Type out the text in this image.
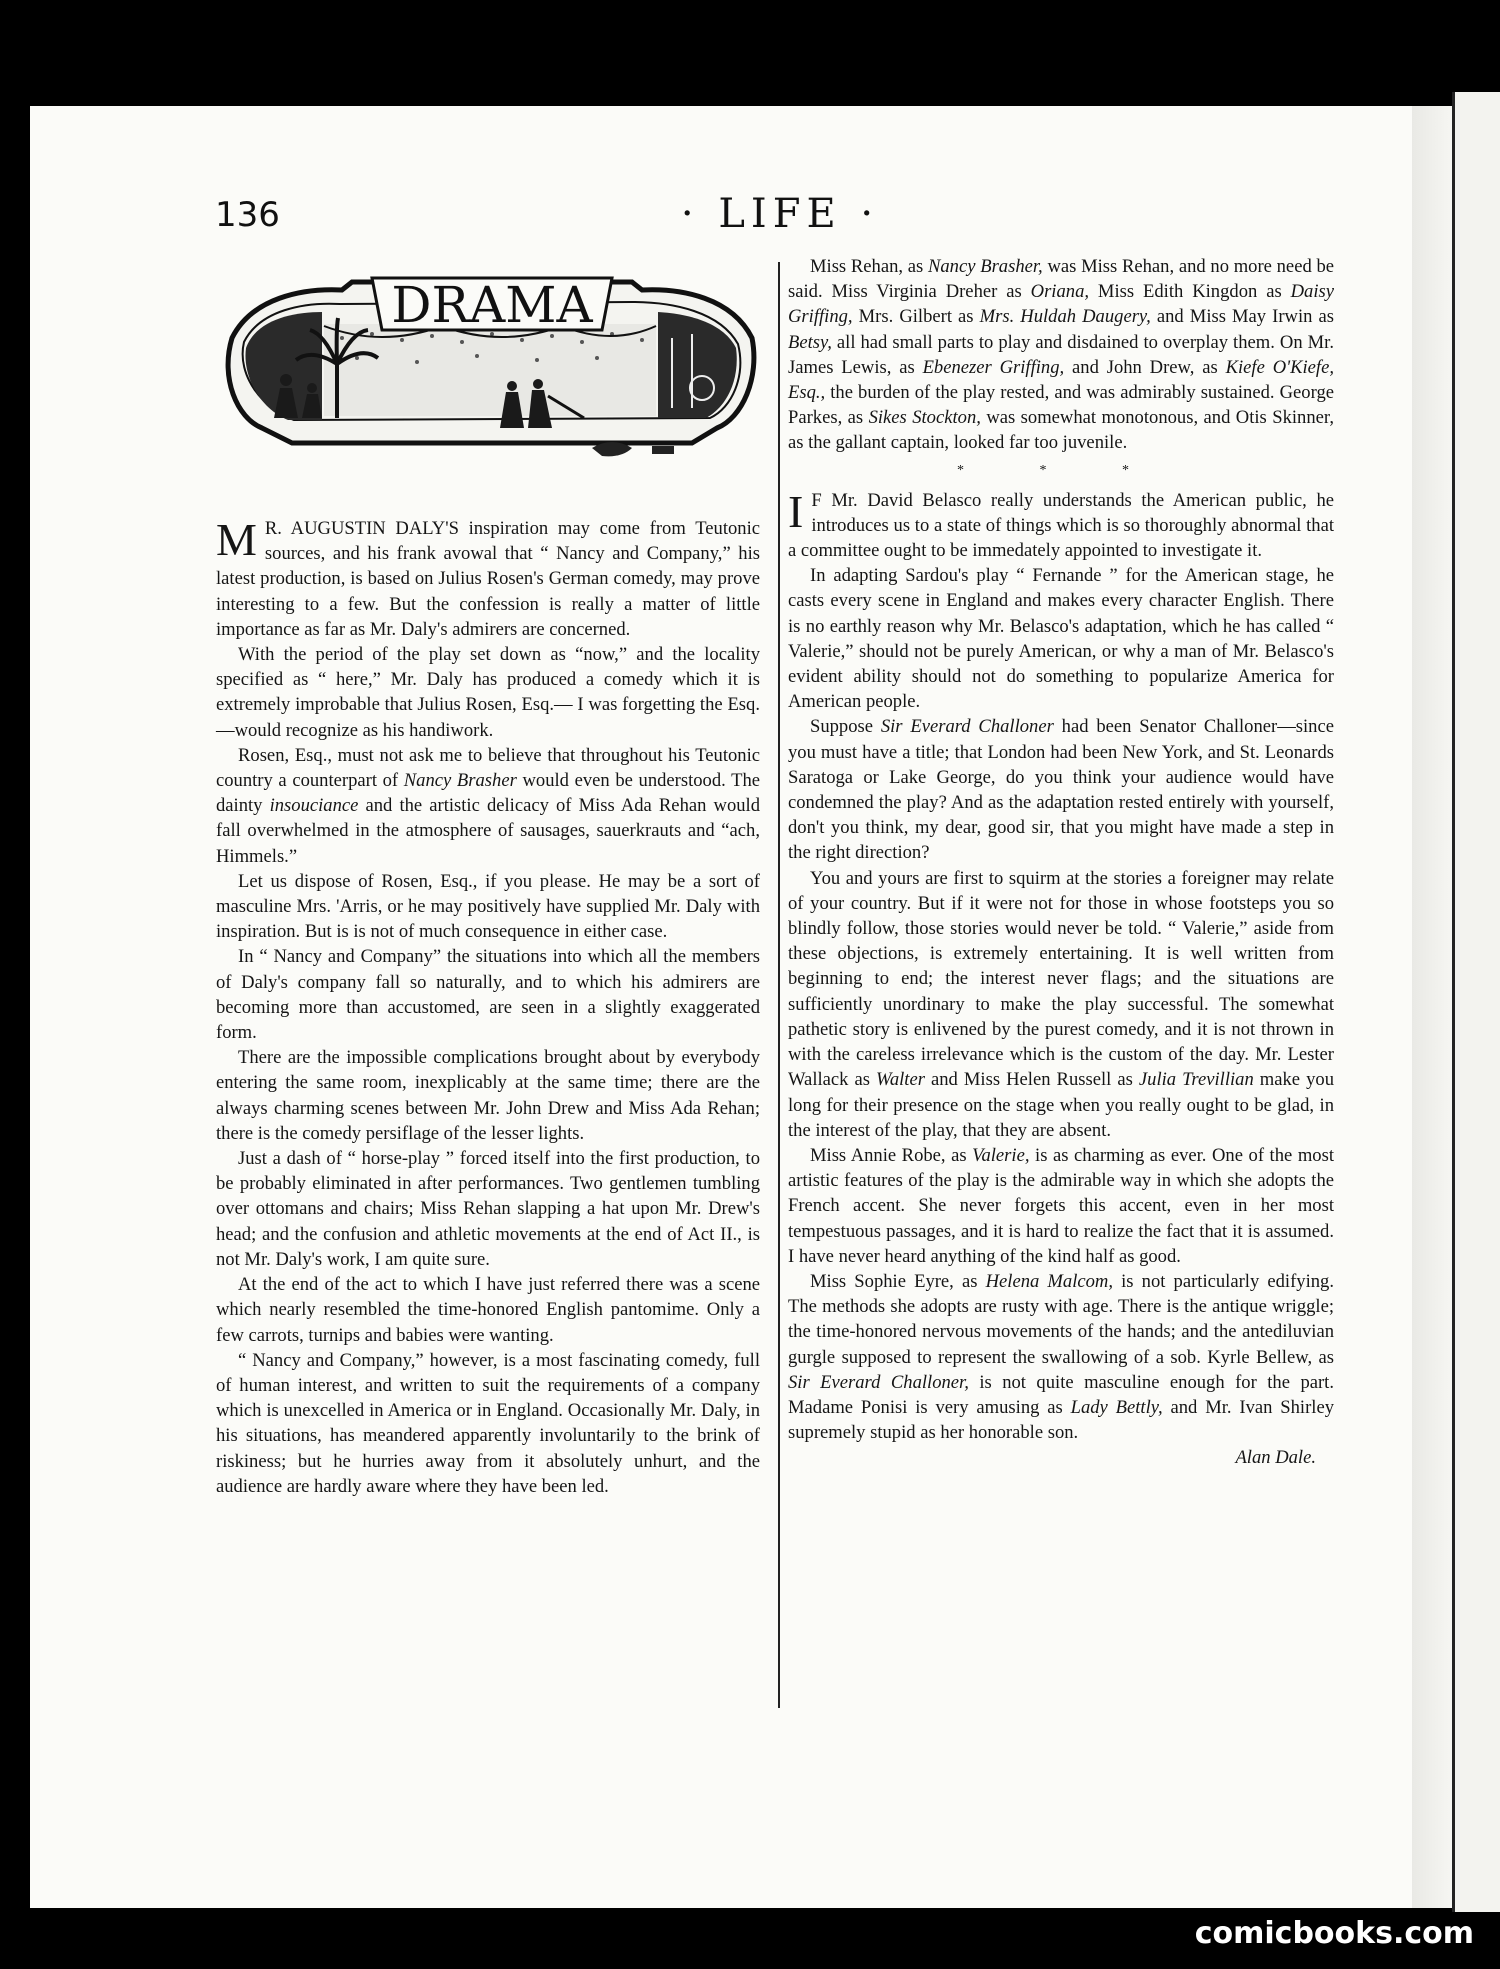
136	· LIFE ·
DRAMA

M R. AUGUSTIN DALY'S inspiration may come from Teutonic sources, and his frank avowal that “ Nancy and Company,” his latest production, is based on Julius Rosen's German comedy, may prove interesting to a few. But the confession is really a matter of little importance as far as Mr. Daly's admirers are concerned.

With the period of the play set down as “now,” and the locality specified as “ here,” Mr. Daly has produced a comedy which it is extremely improbable that Julius Rosen, Esq.— I was forgetting the Esq.—would recognize as his handiwork.

Rosen, Esq., must not ask me to believe that throughout his Teutonic country a counterpart of Nancy Brasher would even be understood. The dainty insouciance and the artistic delicacy of Miss Ada Rehan would fall overwhelmed in the atmosphere of sausages, sauerkrauts and “ach, Himmels.”

Let us dispose of Rosen, Esq., if you please. He may be a sort of masculine Mrs. 'Arris, or he may positively have supplied Mr. Daly with inspiration. But is is not of much consequence in either case.

In “ Nancy and Company” the situations into which all the members of Daly's company fall so naturally, and to which his admirers are becoming more than accustomed, are seen in a slightly exaggerated form.

There are the impossible complications brought about by everybody entering the same room, inexplicably at the same time; there are the always charming scenes between Mr. John Drew and Miss Ada Rehan; there is the comedy persiflage of the lesser lights.

Just a dash of “ horse-play ” forced itself into the first production, to be probably eliminated in after performances. Two gentlemen tumbling over ottomans and chairs; Miss Rehan slapping a hat upon Mr. Drew's head; and the confusion and athletic movements at the end of Act II., is not Mr. Daly's work, I am quite sure.

At the end of the act to which I have just referred there was a scene which nearly resembled the time-honored English pantomime. Only a few carrots, turnips and babies were wanting.

“ Nancy and Company,” however, is a most fascinating comedy, full of human interest, and written to suit the requirements of a company which is unexcelled in America or in England. Occasionally Mr. Daly, in his situations, has meandered apparently involuntarily to the brink of riskiness; but he hurries away from it absolutely unhurt, and the audience are hardly aware where they have been led.

Miss Rehan, as Nancy Brasher, was Miss Rehan, and no more need be said. Miss Virginia Dreher as Oriana, Miss Edith Kingdon as Daisy Griffing, Mrs. Gilbert as Mrs. Huldah Daugery, and Miss May Irwin as Betsy, all had small parts to play and disdained to overplay them. On Mr. James Lewis, as Ebenezer Griffing, and John Drew, as Kiefe O'Kiefe, Esq., the burden of the play rested, and was admirably sustained. George Parkes, as Sikes Stockton, was somewhat monotonous, and Otis Skinner, as the gallant captain, looked far too juvenile.

* * *

I F Mr. David Belasco really understands the American public, he introduces us to a state of things which is so thoroughly abnormal that a committee ought to be immedately appointed to investigate it.

In adapting Sardou's play “ Fernande ” for the American stage, he casts every scene in England and makes every character English. There is no earthly reason why Mr. Belasco's adaptation, which he has called “ Valerie,” should not be purely American, or why a man of Mr. Belasco's evident ability should not do something to popularize America for American people.

Suppose Sir Everard Challoner had been Senator Challoner—since you must have a title; that London had been New York, and St. Leonards Saratoga or Lake George, do you think your audience would have condemned the play? And as the adaptation rested entirely with yourself, don't you think, my dear, good sir, that you might have made a step in the right direction?

You and yours are first to squirm at the stories a foreigner may relate of your country. But if it were not for those in whose footsteps you so blindly follow, those stories would never be told. “ Valerie,” aside from these objections, is extremely entertaining. It is well written from beginning to end; the interest never flags; and the situations are sufficiently unordinary to make the play successful. The somewhat pathetic story is enlivened by the purest comedy, and it is not thrown in with the careless irrelevance which is the custom of the day. Mr. Lester Wallack as Walter and Miss Helen Russell as Julia Trevillian make you long for their presence on the stage when you really ought to be glad, in the interest of the play, that they are absent.

Miss Annie Robe, as Valerie, is as charming as ever. One of the most artistic features of the play is the admirable way in which she adopts the French accent. She never forgets this accent, even in her most tempestuous passages, and it is hard to realize the fact that it is assumed. I have never heard anything of the kind half as good.

Miss Sophie Eyre, as Helena Malcom, is not particularly edifying. The methods she adopts are rusty with age. There is the antique wriggle; the time-honored nervous movements of the hands; and the antediluvian gurgle supposed to represent the swallowing of a sob. Kyrle Bellew, as Sir Everard Challoner, is not quite masculine enough for the part. Madame Ponisi is very amusing as Lady Bettly, and Mr. Ivan Shirley supremely stupid as her honorable son.

Alan Dale.
comicbooks.com
